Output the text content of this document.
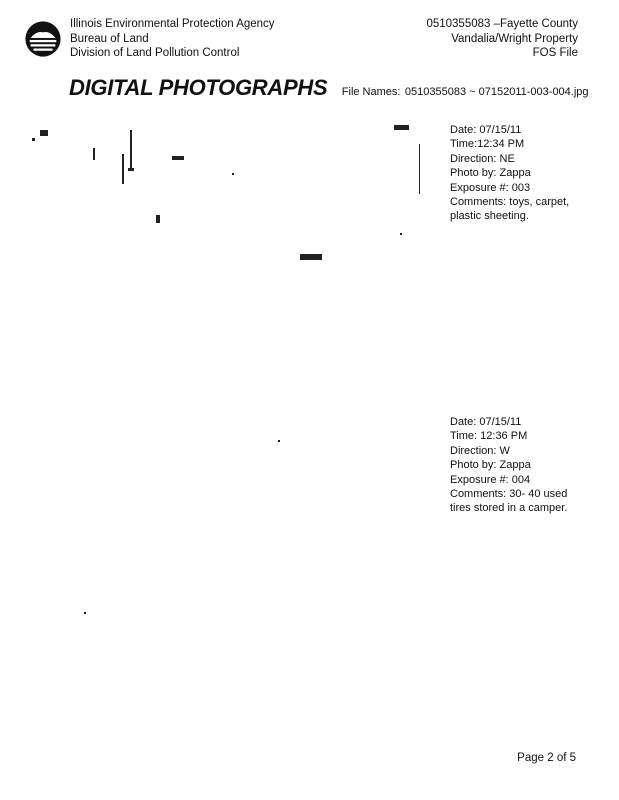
Illinois Environmental Protection Agency
Bureau of Land
Division of Land Pollution Control
0510355083 –Fayette County
Vandalia/Wright Property
FOS File
DIGITAL PHOTOGRAPHS File Names: 0510355083 ~ 07152011-003-004.jpg
Date: 07/15/11
Time:12:34 PM
Direction: NE
Photo by: Zappa
Exposure #: 003
Comments: toys, carpet, plastic sheeting.
Date: 07/15/11
Time: 12:36 PM
Direction: W
Photo by: Zappa
Exposure #: 004
Comments: 30- 40 used tires stored in a camper.
Page 2 of 5
